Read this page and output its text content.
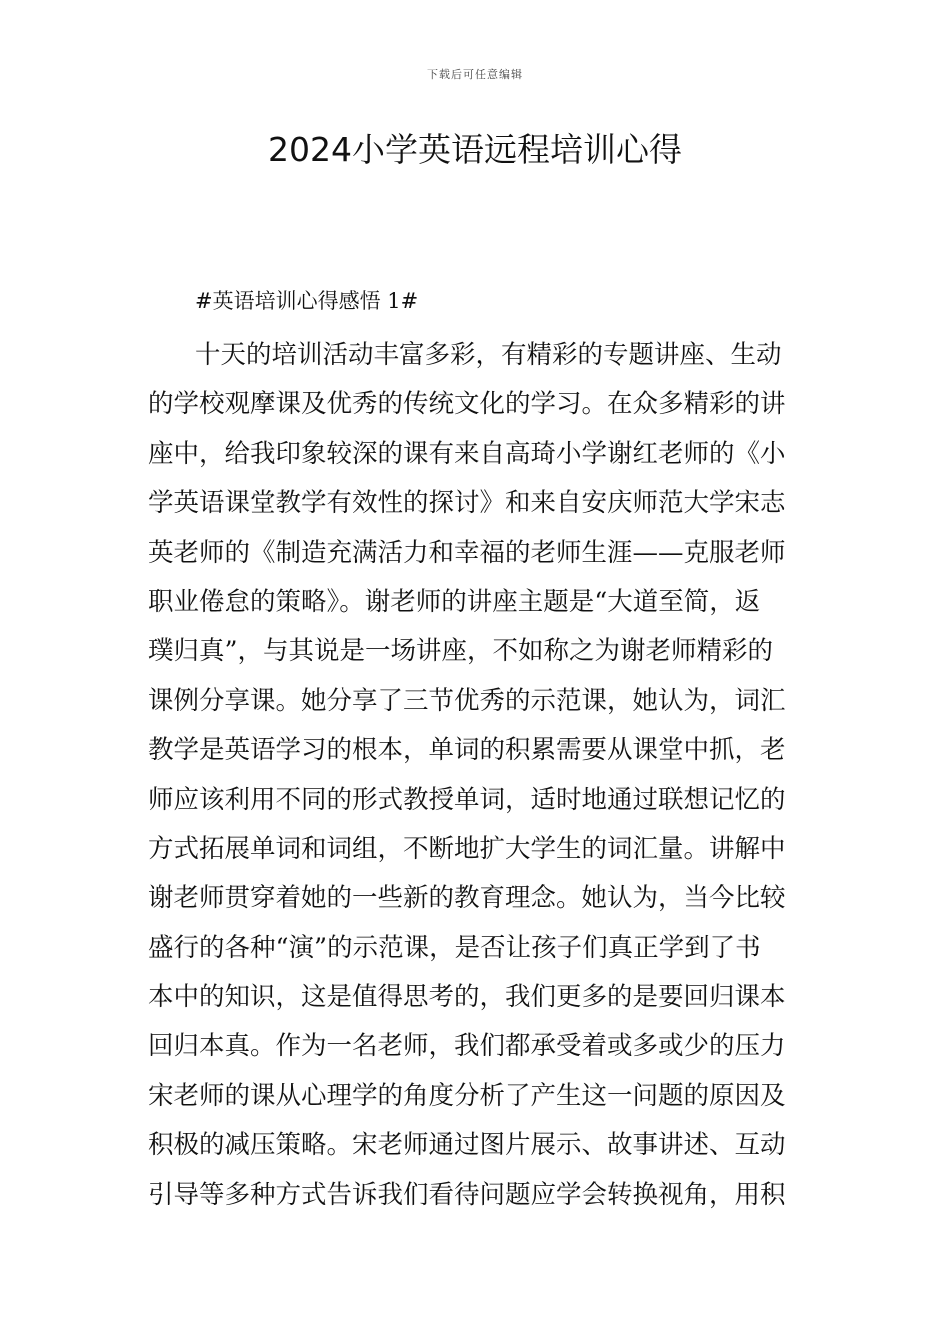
下载后可任意编辑
2024小学英语远程培训心得
#英语培训心得感悟 1#
十天的培训活动丰富多彩，有精彩的专题讲座、生动
的学校观摩课及优秀的传统文化的学习。在众多精彩的讲
座中，给我印象较深的课有来自高琦小学谢红老师的《小
学英语课堂教学有效性的探讨》和来自安庆师范大学宋志
英老师的《制造充满活力和幸福的老师生涯——克服老师
职业倦怠的策略》。谢老师的讲座主题是“大道至简，返
璞归真”，与其说是一场讲座，不如称之为谢老师精彩的
课例分享课。她分享了三节优秀的示范课，她认为，词汇
教学是英语学习的根本，单词的积累需要从课堂中抓，老
师应该利用不同的形式教授单词，适时地通过联想记忆的
方式拓展单词和词组，不断地扩大学生的词汇量。讲解中
谢老师贯穿着她的一些新的教育理念。她认为，当今比较
盛行的各种“演”的示范课，是否让孩子们真正学到了书
本中的知识，这是值得思考的，我们更多的是要回归课本
回归本真。作为一名老师，我们都承受着或多或少的压力
宋老师的课从心理学的角度分析了产生这一问题的原因及
积极的减压策略。宋老师通过图片展示、故事讲述、互动
引导等多种方式告诉我们看待问题应学会转换视角，用积
